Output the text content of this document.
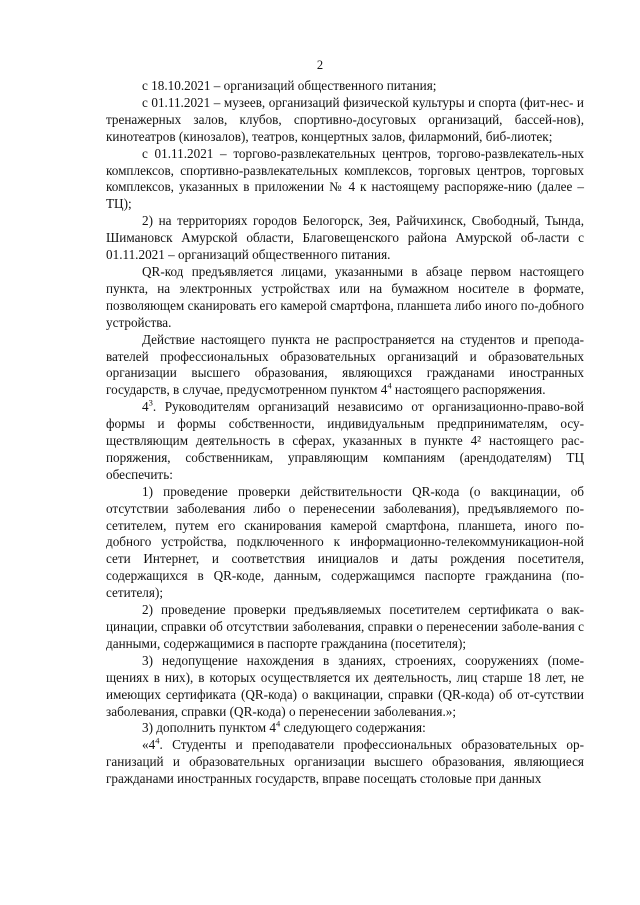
2

с 18.10.2021 – организаций общественного питания;

с 01.11.2021 – музеев, организаций физической культуры и спорта (фит-нес- и тренажерных залов, клубов, спортивно-досуговых организаций, бассей-нов), кинотеатров (кинозалов), театров, концертных залов, филармоний, биб-лиотек;

с 01.11.2021 – торгово-развлекательных центров, торгово-развлекатель-ных комплексов, спортивно-развлекательных комплексов, торговых центров, торговых комплексов, указанных в приложении № 4 к настоящему распоряже-нию (далее – ТЦ);

2) на территориях городов Белогорск, Зея, Райчихинск, Свободный, Тында, Шимановск Амурской области, Благовещенского района Амурской об-ласти с 01.11.2021 – организаций общественного питания.

QR-код предъявляется лицами, указанными в абзаце первом настоящего пункта, на электронных устройствах или на бумажном носителе в формате, позволяющем сканировать его камерой смартфона, планшета либо иного по-добного устройства.

Действие настоящего пункта не распространяется на студентов и препода-вателей профессиональных образовательных организаций и образовательных организации высшего образования, являющихся гражданами иностранных государств, в случае, предусмотренном пунктом $4^4$ настоящего распоряжения.

$4^3$. Руководителям организаций независимо от организационно-право-вой формы и формы собственности, индивидуальным предпринимателям, осу-ществляющим деятельность в сферах, указанных в пункте 4² настоящего рас-поряжения, собственникам, управляющим компаниям (арендодателям) ТЦ обеспечить:

1) проведение проверки действительности QR-кода (о вакцинации, об отсутствии заболевания либо о перенесении заболевания), предъявляемого по-сетителем, путем его сканирования камерой смартфона, планшета, иного по-добного устройства, подключенного к информационно-телекоммуникацион-ной сети Интернет, и соответствия инициалов и даты рождения посетителя, содержащихся в QR-коде, данным, содержащимся паспорте гражданина (по-сетителя);

2) проведение проверки предъявляемых посетителем сертификата о вак-цинации, справки об отсутствии заболевания, справки о перенесении заболе-вания с данными, содержащимися в паспорте гражданина (посетителя);

3) недопущение нахождения в зданиях, строениях, сооружениях (поме-щениях в них), в которых осуществляется их деятельность, лиц старше 18 лет, не имеющих сертификата (QR-кода) о вакцинации, справки (QR-кода) об от-сутствии заболевания, справки (QR-кода) о перенесении заболевания.»;

3) дополнить пунктом $4^4$ следующего содержания:

«$4^4$. Студенты и преподаватели профессиональных образовательных ор-ганизаций и образовательных организации высшего образования, являющиеся гражданами иностранных государств, вправе посещать столовые при данных
